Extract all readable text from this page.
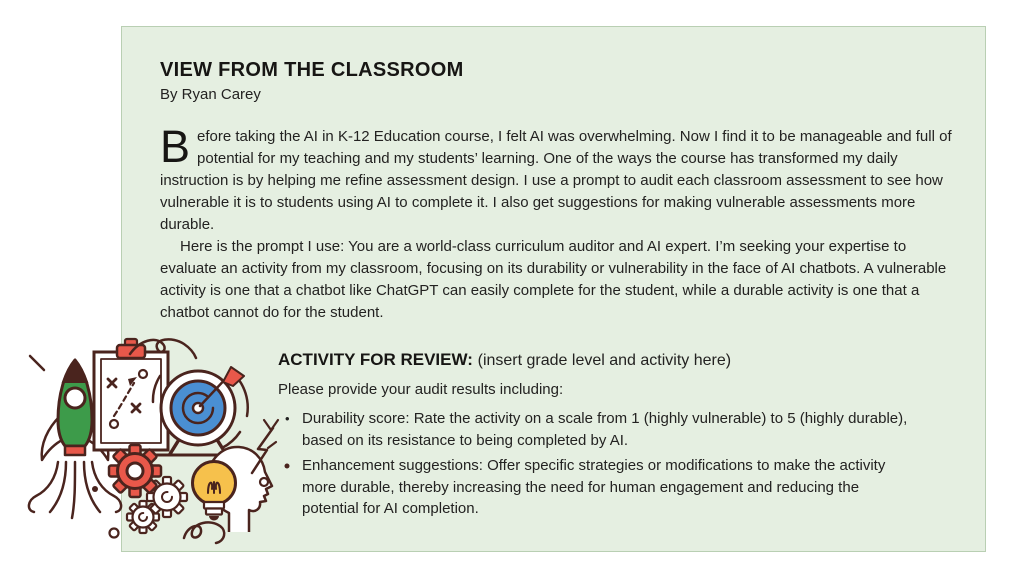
VIEW FROM THE CLASSROOM

By Ryan Carey

Before taking the AI in K-12 Education course, I felt AI was overwhelming. Now I find it to be manageable and full of potential for my teaching and my students’ learning. One of the ways the course has transformed my daily instruction is by helping me refine assessment design. I use a prompt to audit each classroom assessment to see how vulnerable it is to students using AI to complete it. I also get suggestions for making vulnerable assessments more durable.

Here is the prompt I use: You are a world-class curriculum auditor and AI expert. I’m seeking your expertise to evaluate an activity from my classroom, focusing on its durability or vulnerability in the face of AI chatbots. A vulnerable activity is one that a chatbot like ChatGPT can easily complete for the student, while a durable activity is one that a chatbot cannot do for the student.

ACTIVITY FOR REVIEW: (insert grade level and activity here)

Please provide your audit results including:

• Durability score: Rate the activity on a scale from 1 (highly vulnerable) to 5 (highly durable), based on its resistance to being completed by AI.
• Enhancement suggestions: Offer specific strategies or modifications to make the activity more durable, thereby increasing the need for human engagement and reducing the potential for AI completion.
